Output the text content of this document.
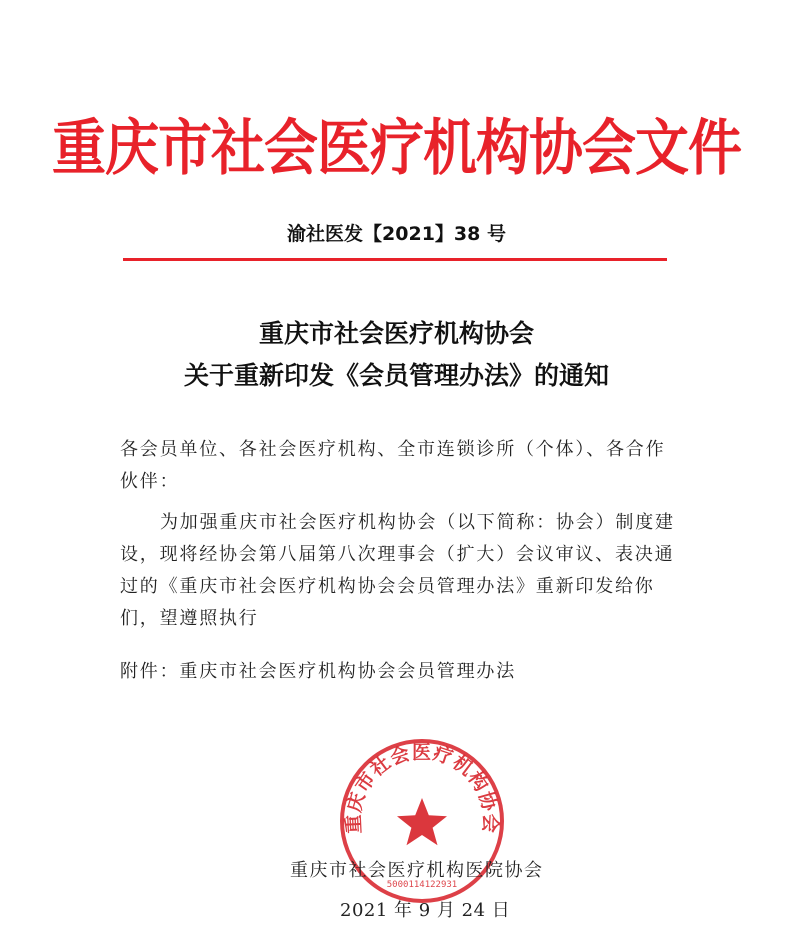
重庆市社会医疗机构协会文件
渝社医发【2021】38 号
重庆市社会医疗机构协会
关于重新印发《会员管理办法》的通知
各会员单位、各社会医疗机构、全市连锁诊所（个体）、各合作伙伴：
为加强重庆市社会医疗机构协会（以下简称：协会）制度建设，现将经协会第八届第八次理事会（扩大）会议审议、表决通过的《重庆市社会医疗机构协会会员管理办法》重新印发给你们，望遵照执行
附件：重庆市社会医疗机构协会会员管理办法
重庆市社会医疗机构协会
5000114122931
重庆市社会医疗机构医院协会
2021 年 9 月 24 日
